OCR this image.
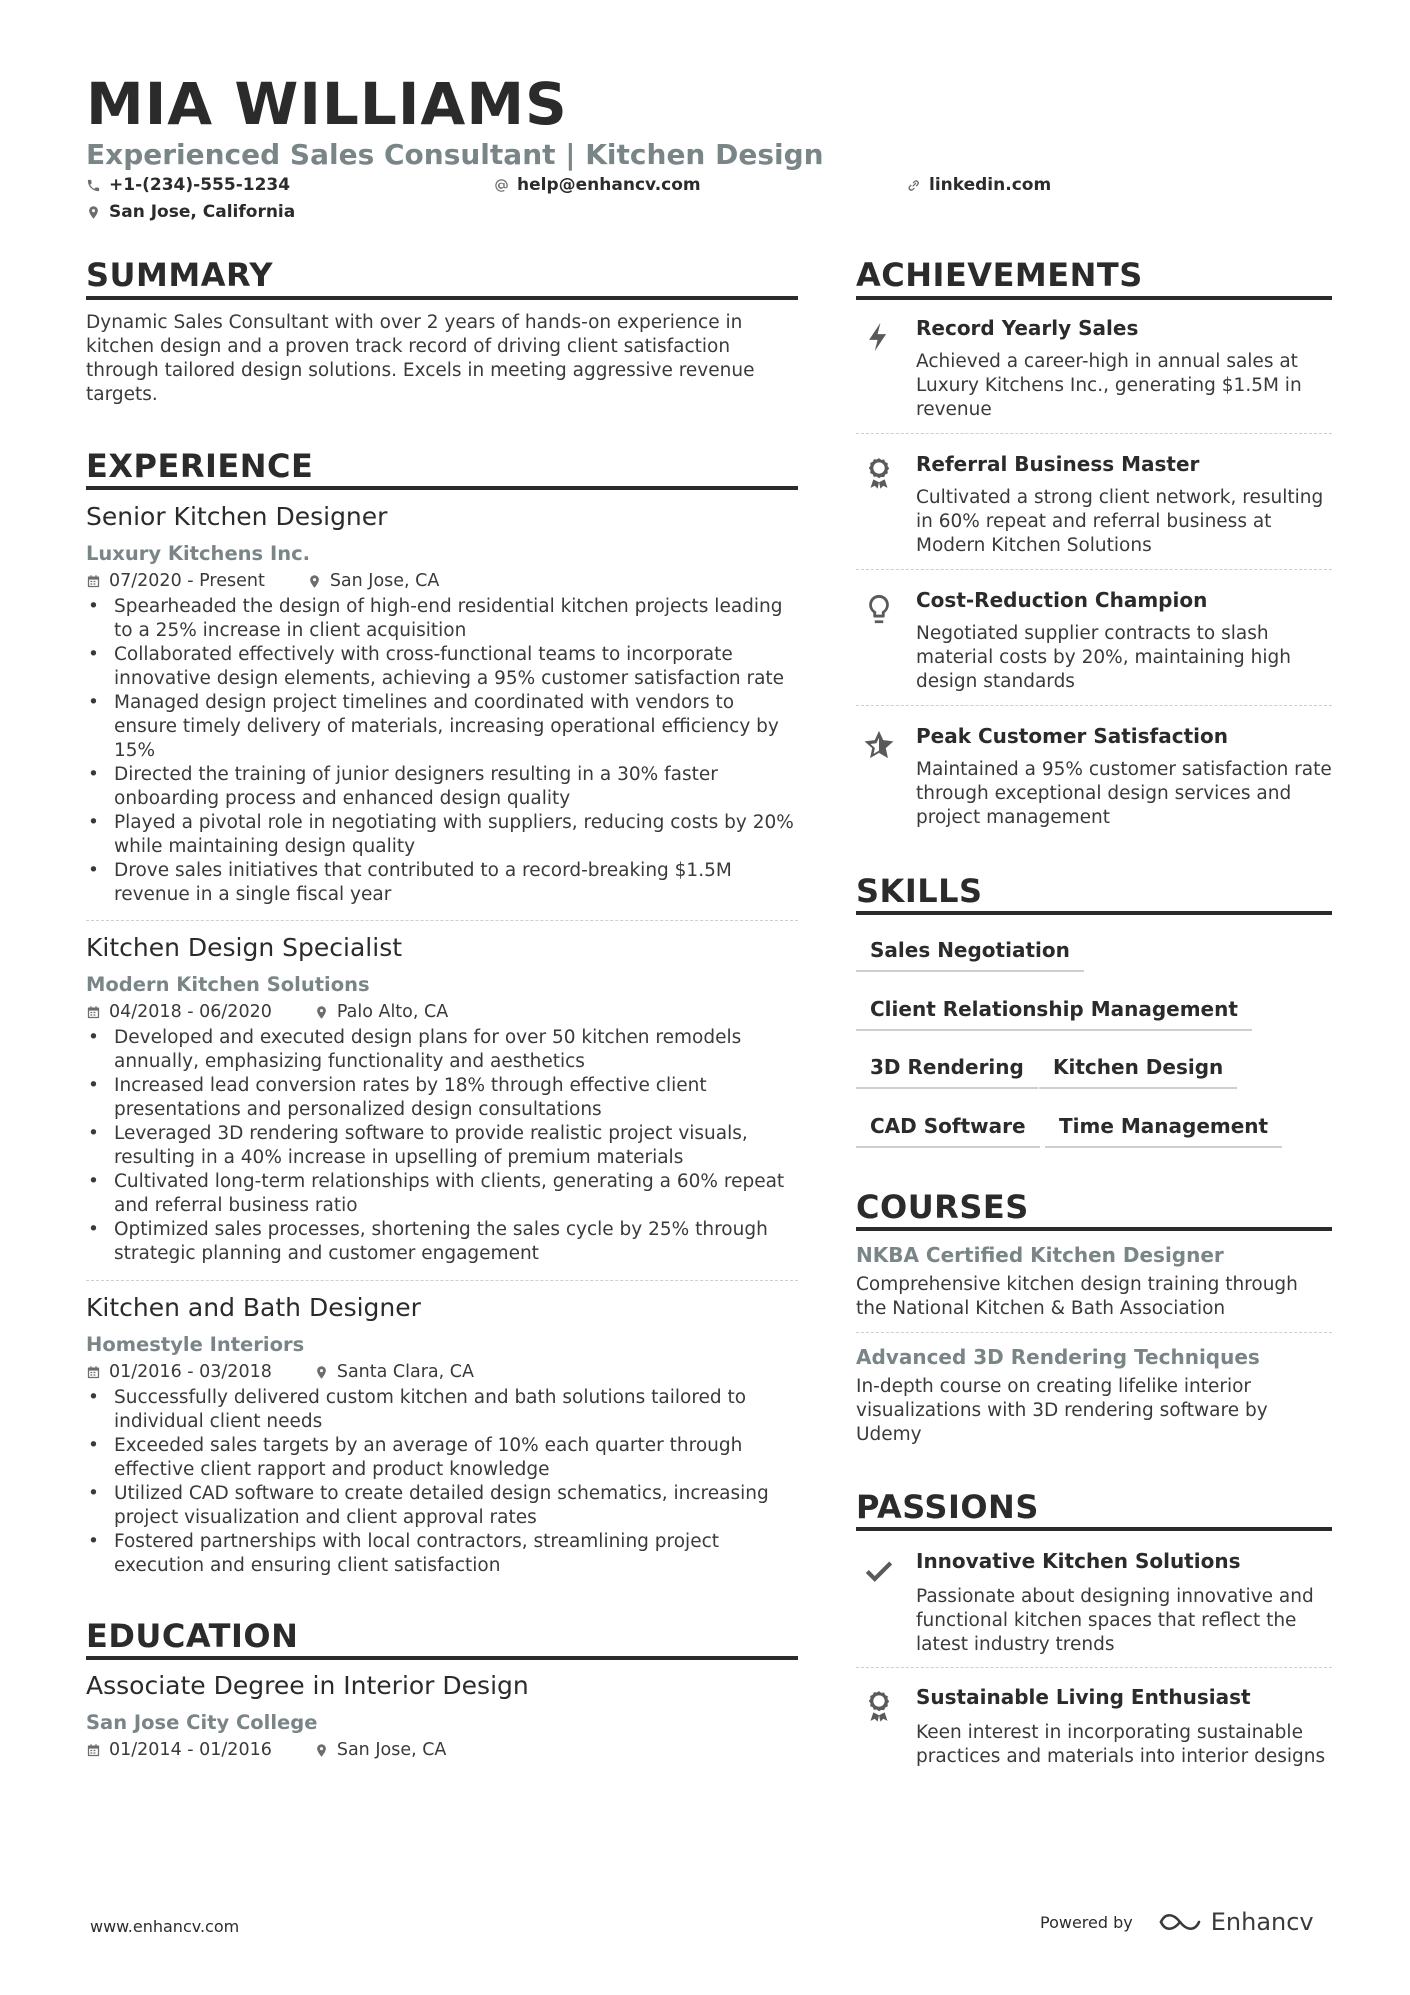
MIA WILLIAMS
Experienced Sales Consultant | Kitchen Design
+1-(234)-555-1234	help@enhancv.com	linkedin.com
San Jose, California
SUMMARY
Dynamic Sales Consultant with over 2 years of hands-on experience in kitchen design and a proven track record of driving client satisfaction through tailored design solutions. Excels in meeting aggressive revenue targets.
EXPERIENCE
Senior Kitchen Designer
Luxury Kitchens Inc.
07/2020 - Present	San Jose, CA
• Spearheaded the design of high-end residential kitchen projects leading to a 25% increase in client acquisition
• Collaborated effectively with cross-functional teams to incorporate innovative design elements, achieving a 95% customer satisfaction rate
• Managed design project timelines and coordinated with vendors to ensure timely delivery of materials, increasing operational efficiency by 15%
• Directed the training of junior designers resulting in a 30% faster onboarding process and enhanced design quality
• Played a pivotal role in negotiating with suppliers, reducing costs by 20% while maintaining design quality
• Drove sales initiatives that contributed to a record-breaking $1.5M revenue in a single fiscal year
Kitchen Design Specialist
Modern Kitchen Solutions
04/2018 - 06/2020	Palo Alto, CA
• Developed and executed design plans for over 50 kitchen remodels annually, emphasizing functionality and aesthetics
• Increased lead conversion rates by 18% through effective client presentations and personalized design consultations
• Leveraged 3D rendering software to provide realistic project visuals, resulting in a 40% increase in upselling of premium materials
• Cultivated long-term relationships with clients, generating a 60% repeat and referral business ratio
• Optimized sales processes, shortening the sales cycle by 25% through strategic planning and customer engagement
Kitchen and Bath Designer
Homestyle Interiors
01/2016 - 03/2018	Santa Clara, CA
• Successfully delivered custom kitchen and bath solutions tailored to individual client needs
• Exceeded sales targets by an average of 10% each quarter through effective client rapport and product knowledge
• Utilized CAD software to create detailed design schematics, increasing project visualization and client approval rates
• Fostered partnerships with local contractors, streamlining project execution and ensuring client satisfaction
EDUCATION
Associate Degree in Interior Design
San Jose City College
01/2014 - 01/2016	San Jose, CA
ACHIEVEMENTS
Record Yearly Sales
Achieved a career-high in annual sales at Luxury Kitchens Inc., generating $1.5M in revenue
Referral Business Master
Cultivated a strong client network, resulting in 60% repeat and referral business at Modern Kitchen Solutions
Cost-Reduction Champion
Negotiated supplier contracts to slash material costs by 20%, maintaining high design standards
Peak Customer Satisfaction
Maintained a 95% customer satisfaction rate through exceptional design services and project management
SKILLS
Sales Negotiation
Client Relationship Management
3D Rendering	Kitchen Design
CAD Software	Time Management
COURSES
NKBA Certified Kitchen Designer
Comprehensive kitchen design training through the National Kitchen & Bath Association
Advanced 3D Rendering Techniques
In-depth course on creating lifelike interior visualizations with 3D rendering software by Udemy
PASSIONS
Innovative Kitchen Solutions
Passionate about designing innovative and functional kitchen spaces that reflect the latest industry trends
Sustainable Living Enthusiast
Keen interest in incorporating sustainable practices and materials into interior designs
www.enhancv.com	Powered by	Enhancv
